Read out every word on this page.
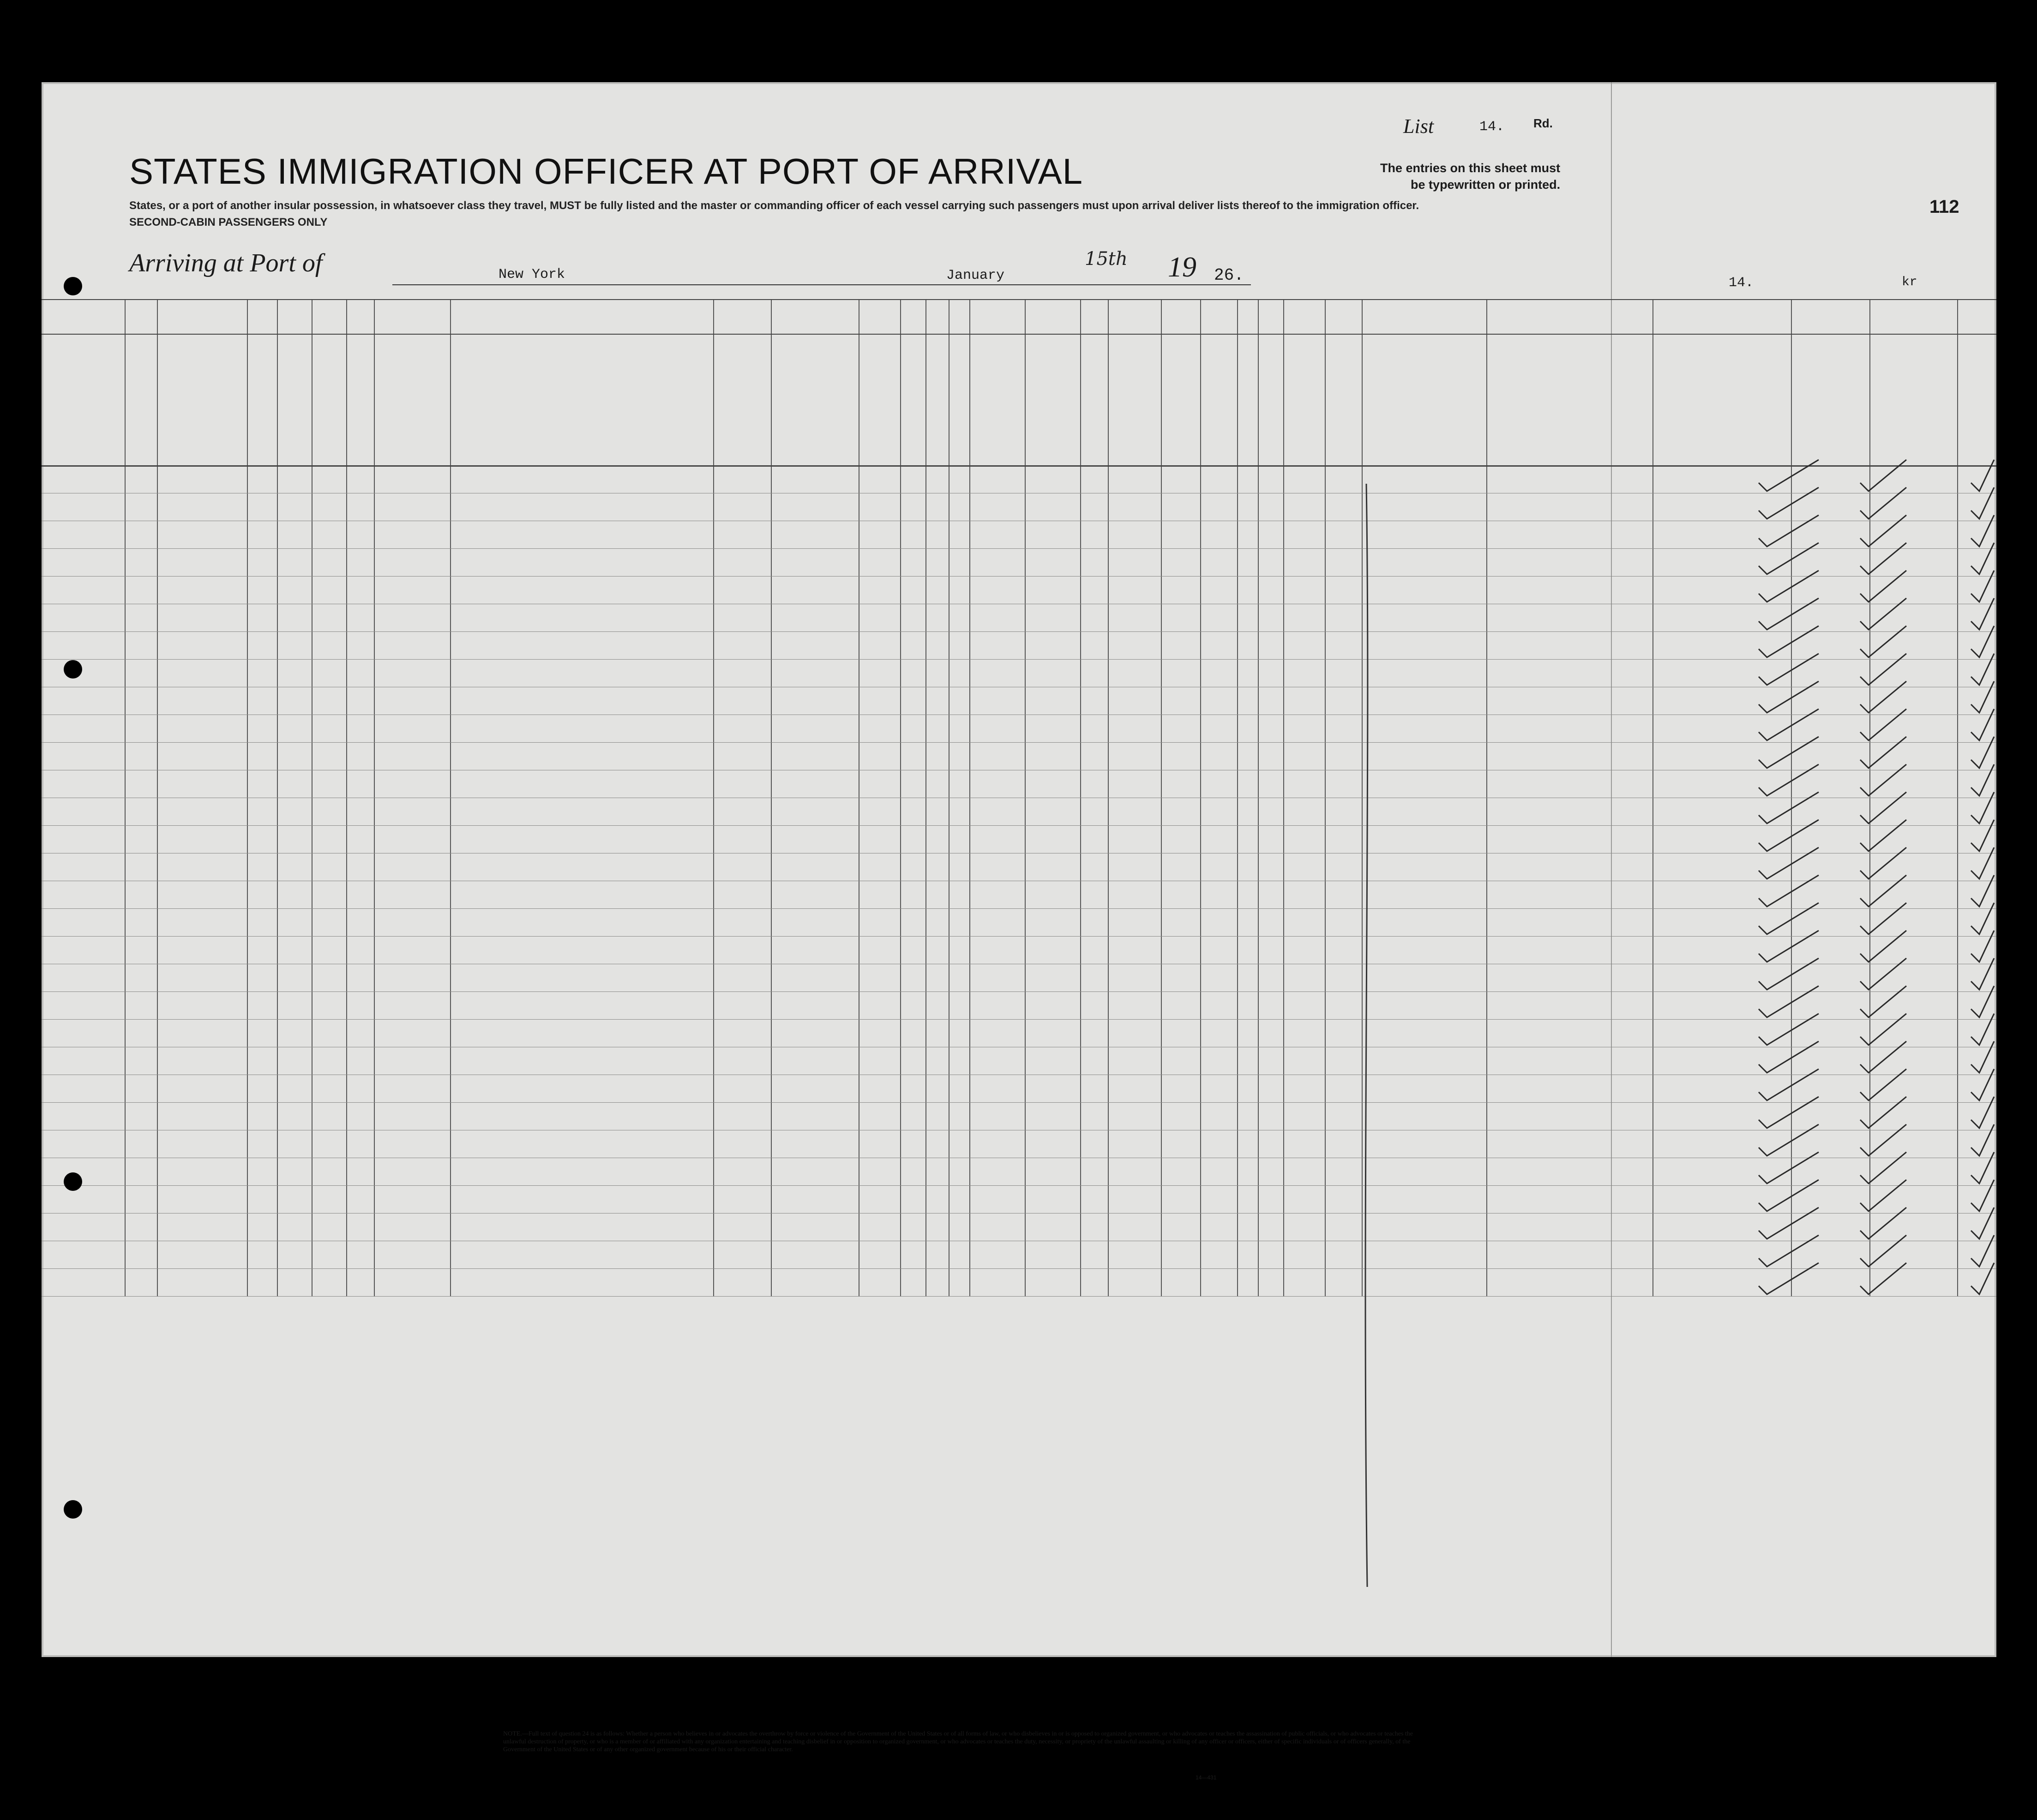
STATES IMMIGRATION OFFICER AT PORT OF ARRIVAL
States, or a port of another insular possession, in whatsoever class they travel, MUST be fully listed and the master or commanding officer of each vessel carrying such passengers must upon arrival deliver lists thereof to the immigration officer.
SECOND-CABIN PASSENGERS ONLY
List	14. Rd.
The entries on this sheet must
be typewritten or printed.
112
Arriving at Port of	New York	January
15th 19 26.	14.	kr
NOTE.—Full text of question 24 is as follows: Whether a person who believes in or advocates the overthrow by force or violence of the Government of the United States or of all forms of law, or who disbelieves in or is opposed to organized government, or who advocates or teaches the assassination of public officials, or who advocates or teaches the unlawful destruction of property, or who is a member of or affiliated with any organization entertaining and teaching disbelief in or opposition to organized government, or who advocates or teaches the duty, necessity, or propriety of the unlawful assaulting or killing of any officer or officers, either of specific individuals or of officers generally, of the Government of the United States or of any other organized government because of his or their official character.
14—431
